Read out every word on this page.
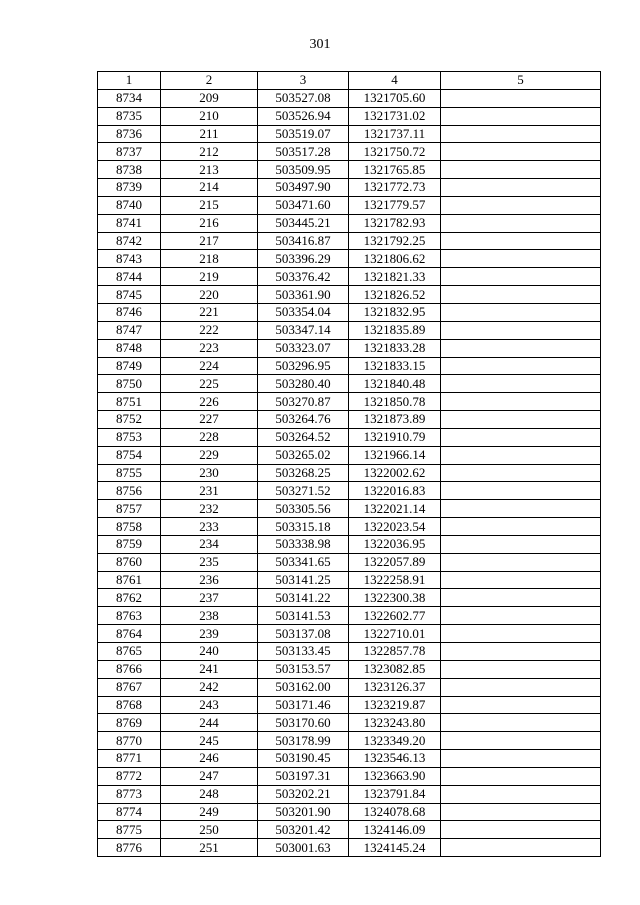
301
1	2	3	4	5
8734	209	503527.08	1321705.60	
8735	210	503526.94	1321731.02	
8736	211	503519.07	1321737.11	
8737	212	503517.28	1321750.72	
8738	213	503509.95	1321765.85	
8739	214	503497.90	1321772.73	
8740	215	503471.60	1321779.57	
8741	216	503445.21	1321782.93	
8742	217	503416.87	1321792.25	
8743	218	503396.29	1321806.62	
8744	219	503376.42	1321821.33	
8745	220	503361.90	1321826.52	
8746	221	503354.04	1321832.95	
8747	222	503347.14	1321835.89	
8748	223	503323.07	1321833.28	
8749	224	503296.95	1321833.15	
8750	225	503280.40	1321840.48	
8751	226	503270.87	1321850.78	
8752	227	503264.76	1321873.89	
8753	228	503264.52	1321910.79	
8754	229	503265.02	1321966.14	
8755	230	503268.25	1322002.62	
8756	231	503271.52	1322016.83	
8757	232	503305.56	1322021.14	
8758	233	503315.18	1322023.54	
8759	234	503338.98	1322036.95	
8760	235	503341.65	1322057.89	
8761	236	503141.25	1322258.91	
8762	237	503141.22	1322300.38	
8763	238	503141.53	1322602.77	
8764	239	503137.08	1322710.01	
8765	240	503133.45	1322857.78	
8766	241	503153.57	1323082.85	
8767	242	503162.00	1323126.37	
8768	243	503171.46	1323219.87	
8769	244	503170.60	1323243.80	
8770	245	503178.99	1323349.20	
8771	246	503190.45	1323546.13	
8772	247	503197.31	1323663.90	
8773	248	503202.21	1323791.84	
8774	249	503201.90	1324078.68	
8775	250	503201.42	1324146.09	
8776	251	503001.63	1324145.24	
